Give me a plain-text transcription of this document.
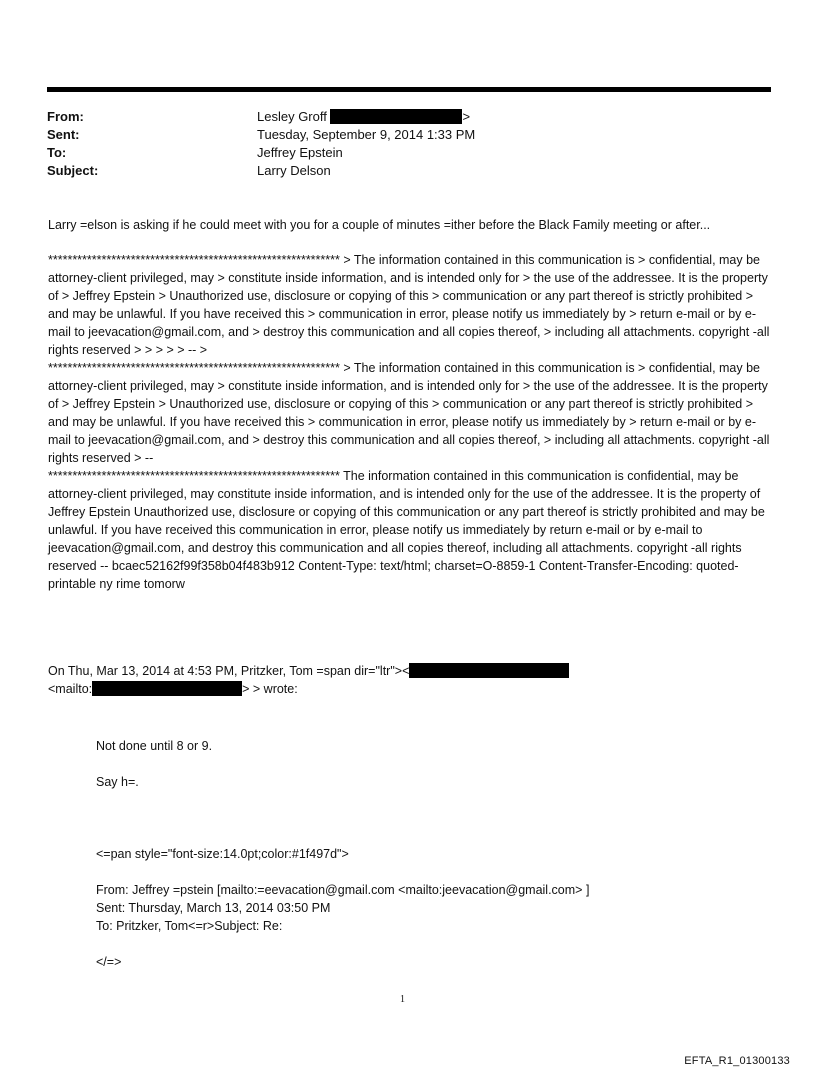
From:	Lesley Groff	>
Sent:	Tuesday, September 9, 2014 1:33 PM
To:	Jeffrey Epstein
Subject:	Larry Delson
Larry =elson is asking if he could meet with you for a couple of minutes =ither before the Black Family meeting or after...

************************************************************ > The information contained in this communication is > confidential, may be attorney-client privileged, may > constitute inside information, and is intended only for > the use of the addressee. It is the property of > Jeffrey Epstein > Unauthorized use, disclosure or copying of this > communication or any part thereof is strictly prohibited > and may be unlawful. If you have received this > communication in error, please notify us immediately by > return e-mail or by e-mail to jeevacation@gmail.com, and > destroy this communication and all copies thereof, > including all attachments. copyright -all rights reserved > > > > > -- >

************************************************************ > The information contained in this communication is > confidential, may be attorney-client privileged, may > constitute inside information, and is intended only for > the use of the addressee. It is the property of > Jeffrey Epstein > Unauthorized use, disclosure or copying of this > communication or any part thereof is strictly prohibited > and may be unlawful. If you have received this > communication in error, please notify us immediately by > return e-mail or by e-mail to jeevacation@gmail.com, and > destroy this communication and all copies thereof, > including all attachments. copyright -all rights reserved > --

************************************************************ The information contained in this communication is confidential, may be attorney-client privileged, may constitute inside information, and is intended only for the use of the addressee. It is the property of Jeffrey Epstein Unauthorized use, disclosure or copying of this communication or any part thereof is strictly prohibited and may be unlawful. If you have received this communication in error, please notify us immediately by return e-mail or by e-mail to jeevacation@gmail.com, and destroy this communication and all copies thereof, including all attachments. copyright -all rights reserved -- bcaec52162f99f358b04f483b912 Content-Type: text/html; charset=O-8859-1 Content-Transfer-Encoding: quoted-printable ny rime tomorw

On Thu, Mar 13, 2014 at 4:53 PM, Pritzker, Tom =span dir="ltr"><
<mailto:	> > wrote:
Not done until 8 or 9.
Say h=.
<=pan style="font-size:14.0pt;color:#1f497d">
From: Jeffrey =pstein [mailto:=eevacation@gmail.com <mailto:jeevacation@gmail.com> ]
Sent: Thursday, March 13, 2014 03:50 PM
To: Pritzker, Tom<=r>Subject: Re:
</=>
1
EFTA_R1_01300133
